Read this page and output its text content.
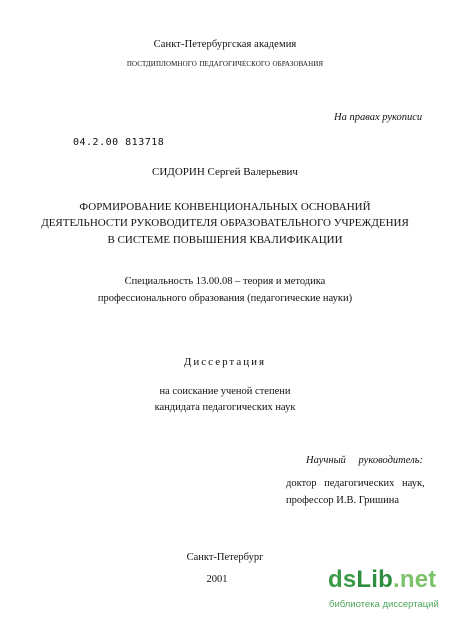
Санкт-Петербургская академия
постдипломного педагогического образования
На правах рукописи
04.2.00 813718
СИДОРИН Сергей Валерьевич
ФОРМИРОВАНИЕ КОНВЕНЦИОНАЛЬНЫХ ОСНОВАНИЙ
ДЕЯТЕЛЬНОСТИ РУКОВОДИТЕЛЯ ОБРАЗОВАТЕЛЬНОГО УЧРЕЖДЕНИЯ
В СИСТЕМЕ ПОВЫШЕНИЯ КВАЛИФИКАЦИИ
Специальность 13.00.08 – теория и методика
профессионального образования (педагогические науки)
Диссертация
на соискание ученой степени
кандидата педагогических наук
Научный руководитель:
доктор педагогических наук,
профессор И.В. Гришина
Санкт-Петербург
2001	dsLib.net
библиотека диссертаций
